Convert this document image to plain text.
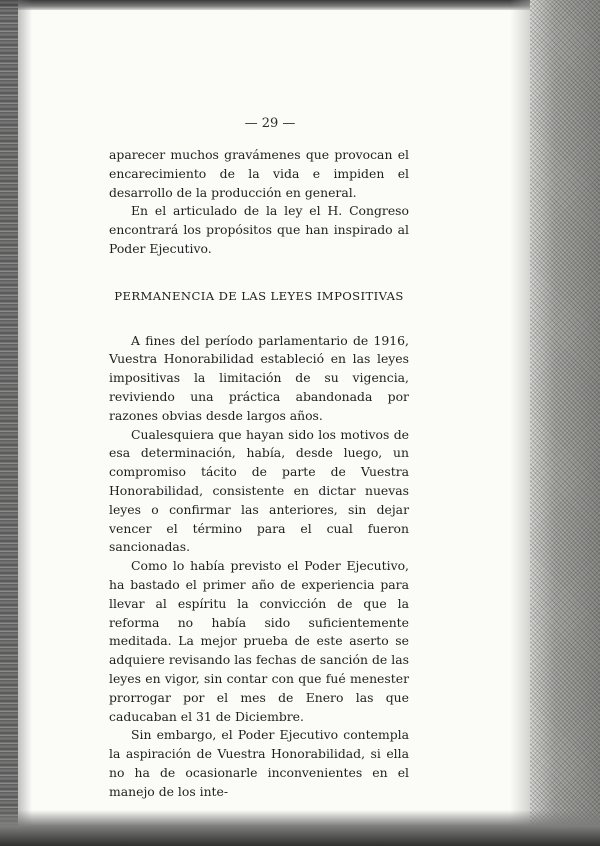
— 29 —

aparecer muchos gravámenes que provocan el encarecimiento de la vida e impiden el desarrollo de la producción en general.

En el articulado de la ley el H. Congreso encontrará los propósitos que han inspirado al Poder Ejecutivo.

PERMANENCIA DE LAS LEYES IMPOSITIVAS

A fines del período parlamentario de 1916, Vuestra Honorabilidad estableció en las leyes impositivas la limitación de su vigencia, reviviendo una práctica abandonada por razones obvias desde largos años.

Cualesquiera que hayan sido los motivos de esa determinación, había, desde luego, un compromiso tácito de parte de Vuestra Honorabilidad, consistente en dictar nuevas leyes o confirmar las anteriores, sin dejar vencer el término para el cual fueron sancionadas.

Como lo había previsto el Poder Ejecutivo, ha bastado el primer año de experiencia para llevar al espíritu la convicción de que la reforma no había sido suficientemente meditada. La mejor prueba de este aserto se adquiere revisando las fechas de sanción de las leyes en vigor, sin contar con que fué menester prorrogar por el mes de Enero las que caducaban el 31 de Diciembre.

Sin embargo, el Poder Ejecutivo contempla la aspiración de Vuestra Honorabilidad, si ella no ha de ocasionarle inconvenientes en el manejo de los inte-
